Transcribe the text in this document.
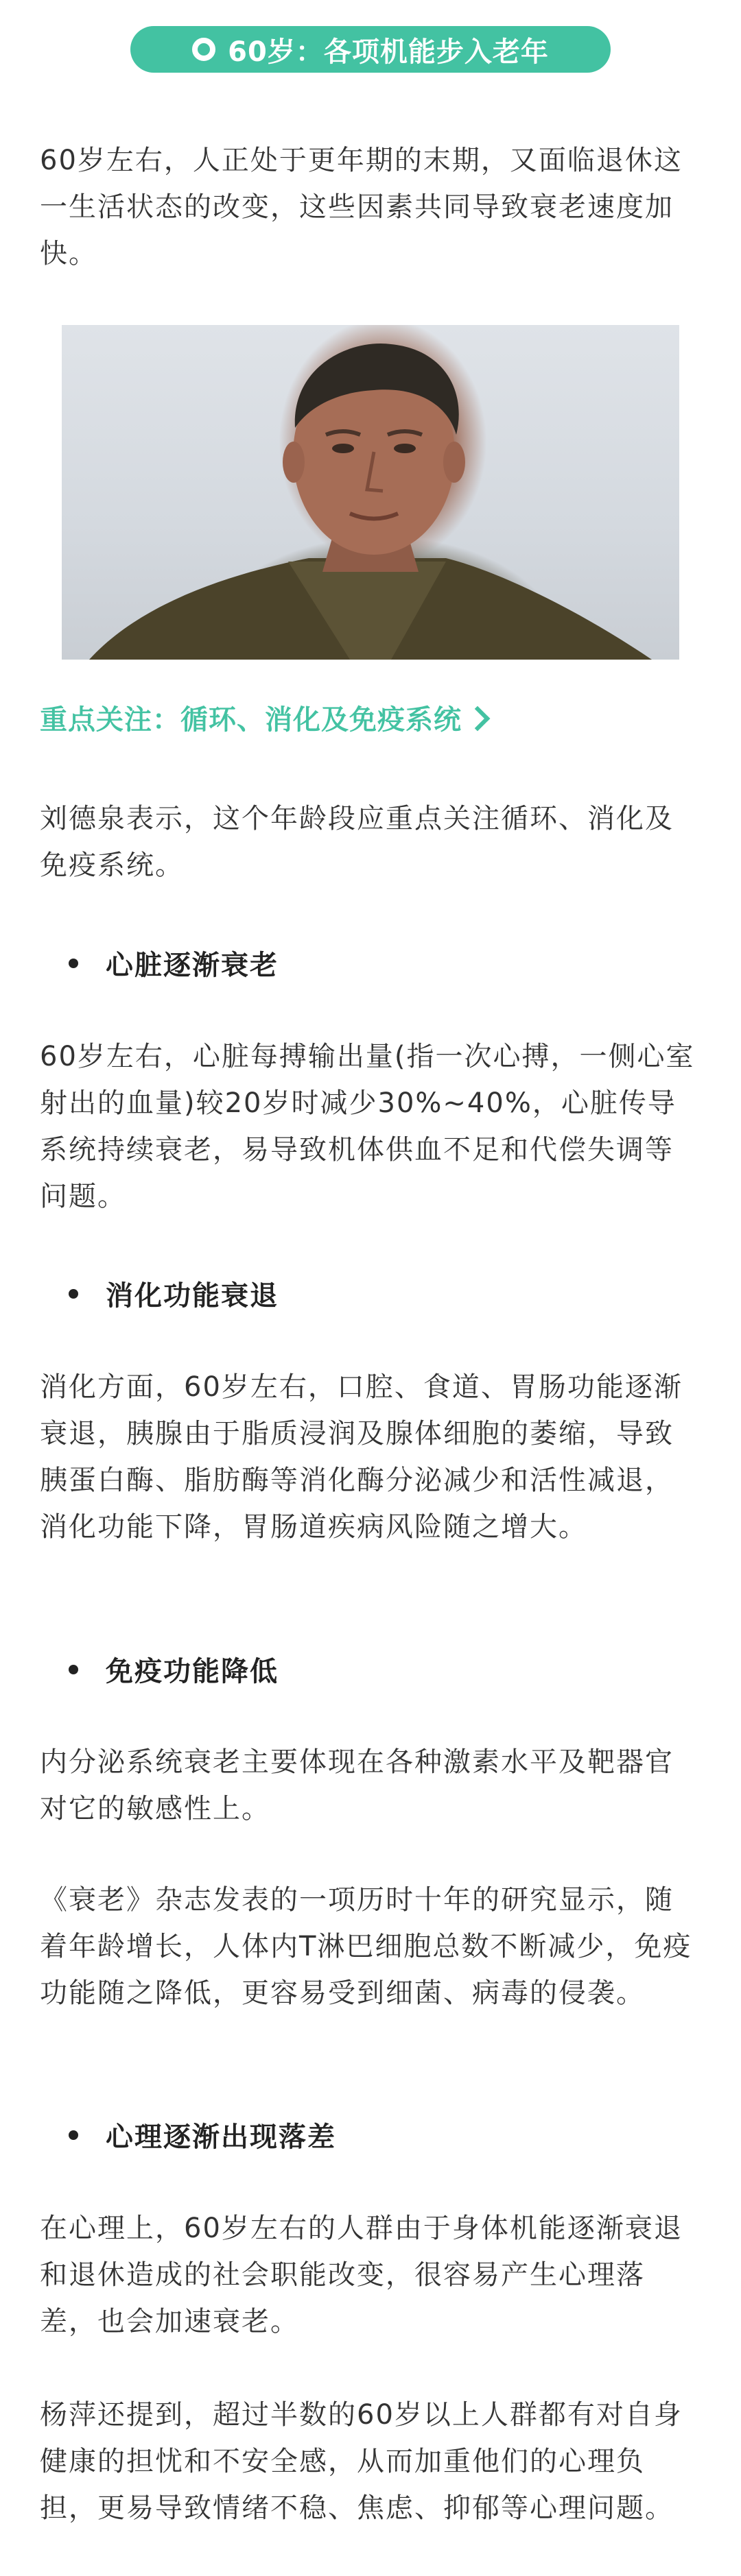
60岁：各项机能步入老年

60岁左右，人正处于更年期的末期，又面临退休这一生活状态的改变，这些因素共同导致衰老速度加快。

重点关注：循环、消化及免疫系统

刘德泉表示，这个年龄段应重点关注循环、消化及免疫系统。

心脏逐渐衰老

60岁左右，心脏每搏输出量(指一次心搏，一侧心室射出的血量)较20岁时减少30%~40%，心脏传导系统持续衰老，易导致机体供血不足和代偿失调等问题。

消化功能衰退

消化方面，60岁左右，口腔、食道、胃肠功能逐渐衰退，胰腺由于脂质浸润及腺体细胞的萎缩，导致胰蛋白酶、脂肪酶等消化酶分泌减少和活性减退，消化功能下降，胃肠道疾病风险随之增大。

免疫功能降低

内分泌系统衰老主要体现在各种激素水平及靶器官对它的敏感性上。

《衰老》杂志发表的一项历时十年的研究显示，随着年龄增长，人体内T淋巴细胞总数不断减少，免疫功能随之降低，更容易受到细菌、病毒的侵袭。

心理逐渐出现落差

在心理上，60岁左右的人群由于身体机能逐渐衰退和退休造成的社会职能改变，很容易产生心理落差，也会加速衰老。

杨萍还提到，超过半数的60岁以上人群都有对自身健康的担忧和不安全感，从而加重他们的心理负担，更易导致情绪不稳、焦虑、抑郁等心理问题。
